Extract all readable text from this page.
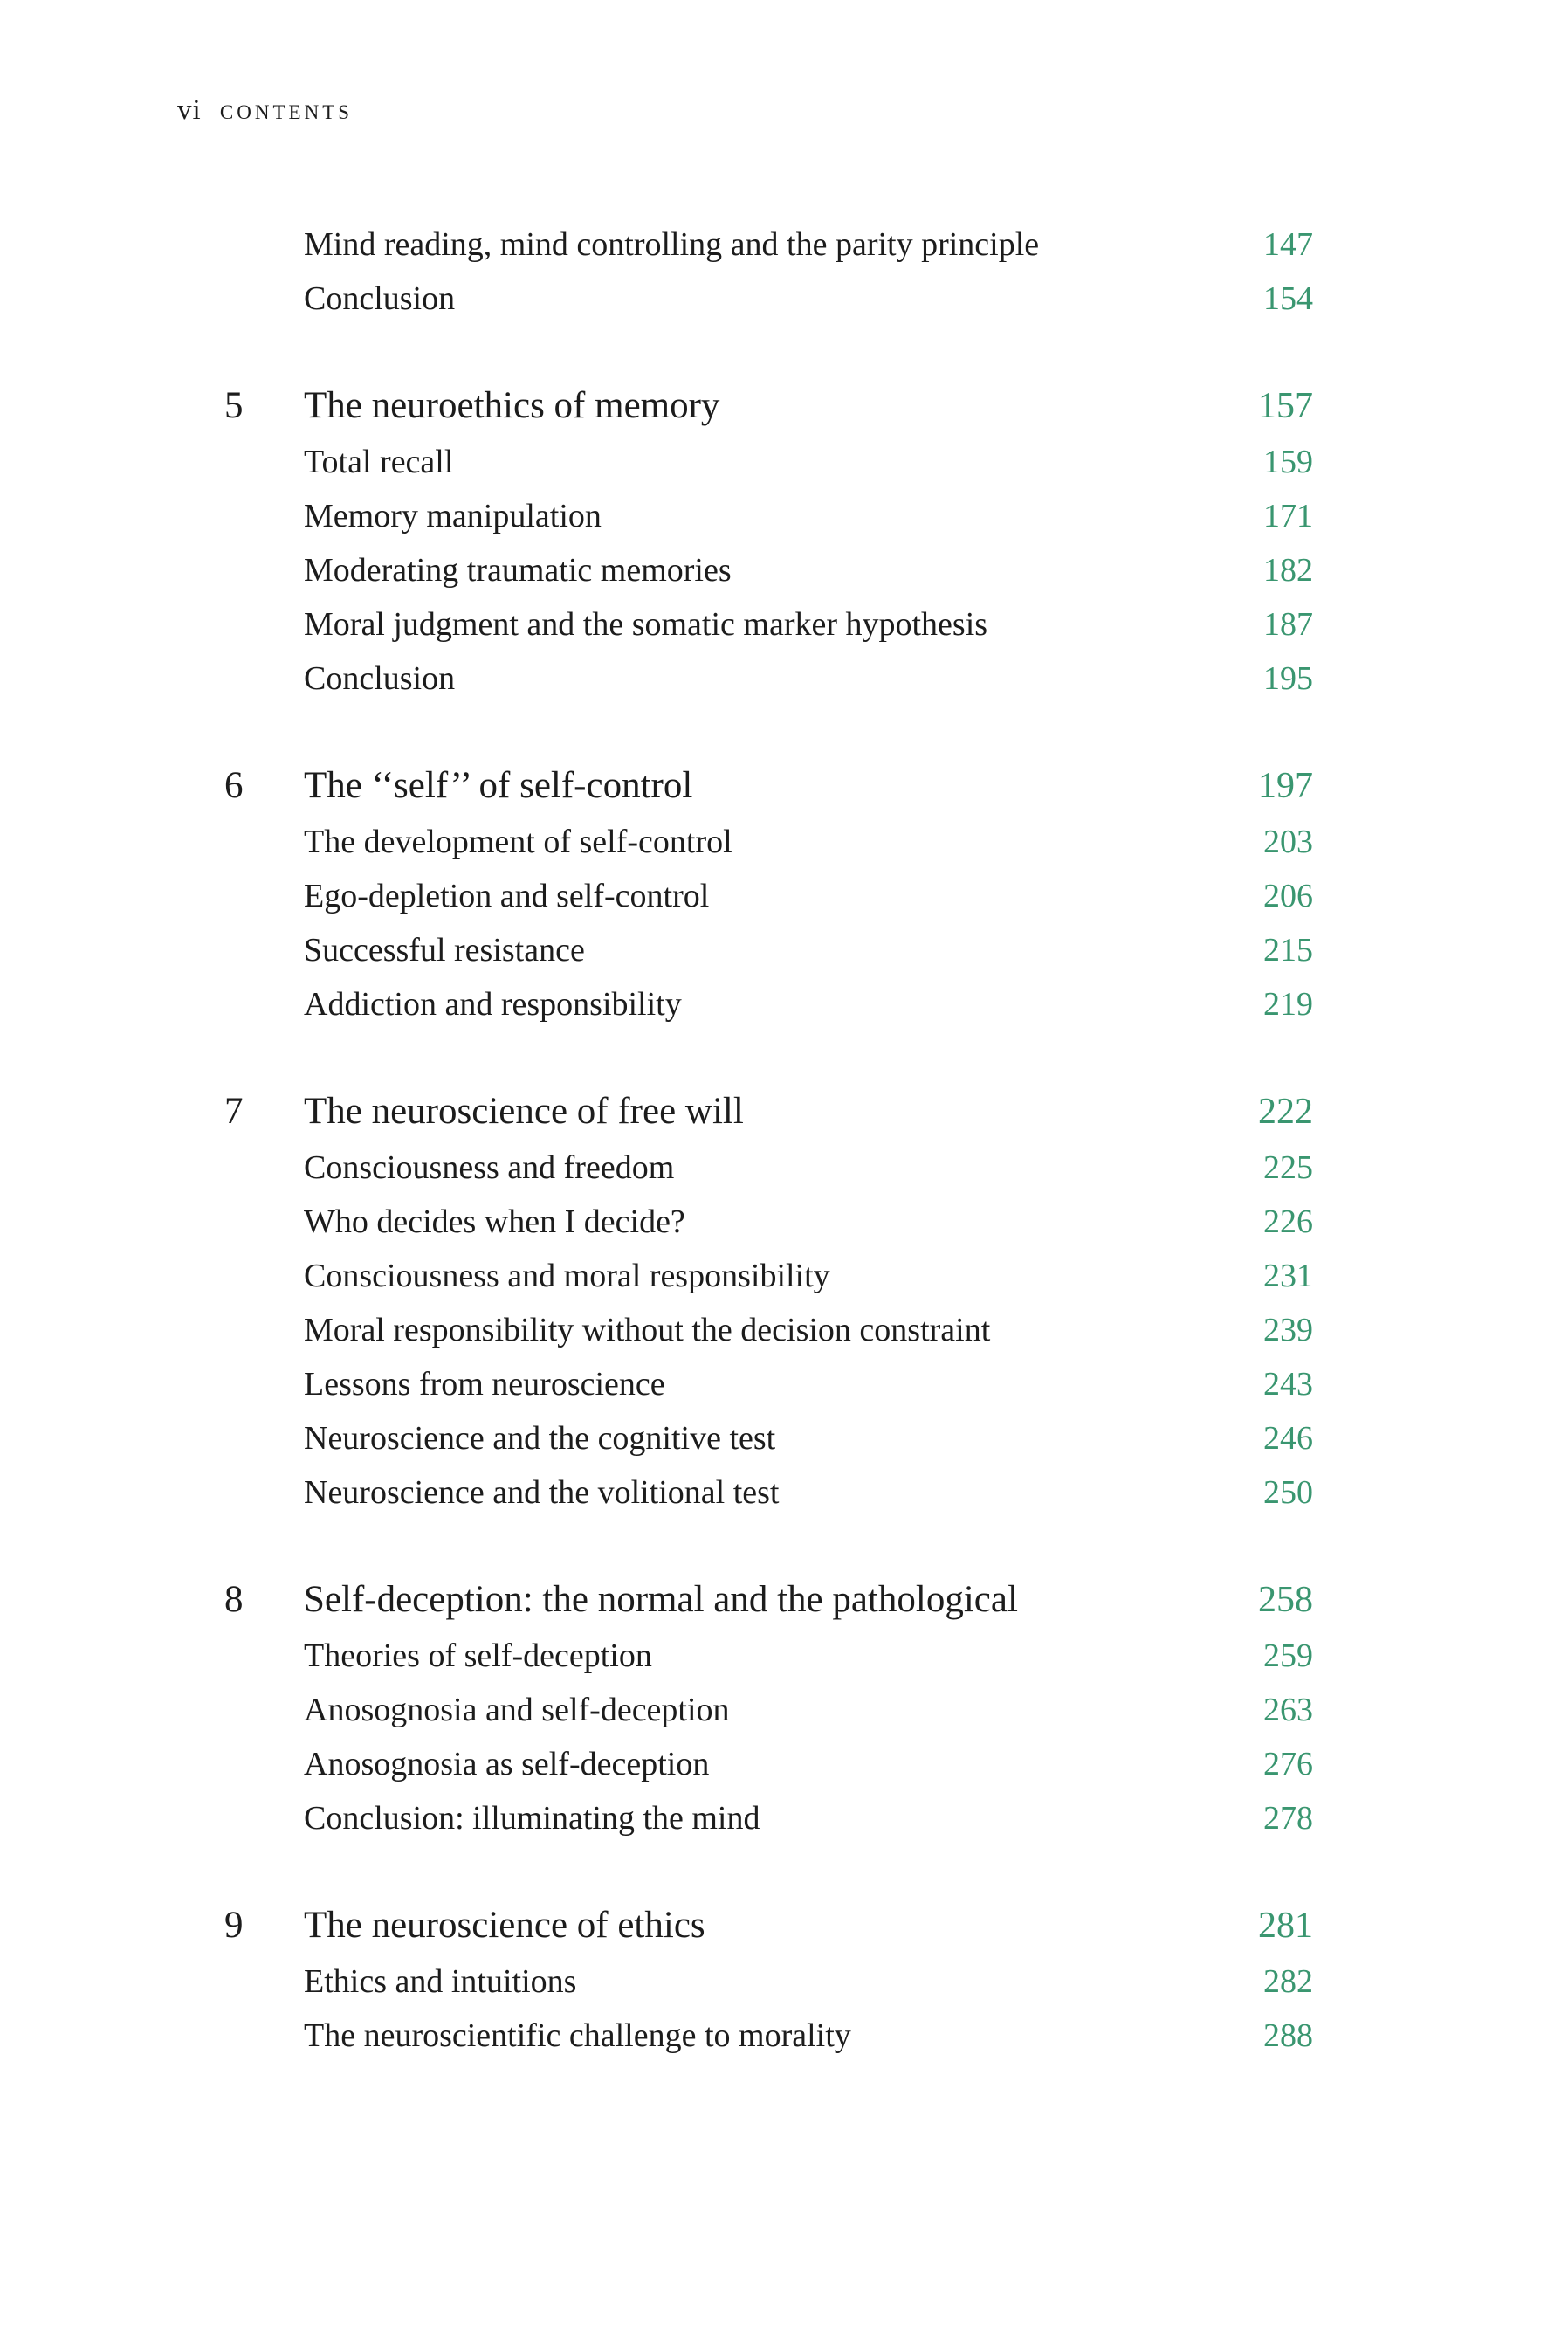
vi contents
Mind reading, mind controlling and the parity principle	147
Conclusion	154
5 The neuroethics of memory	157
Total recall	159
Memory manipulation	171
Moderating traumatic memories	182
Moral judgment and the somatic marker hypothesis	187
Conclusion	195
6 The ‘‘self’’ of self-control	197
The development of self-control	203
Ego-depletion and self-control	206
Successful resistance	215
Addiction and responsibility	219
7 The neuroscience of free will	222
Consciousness and freedom	225
Who decides when I decide?	226
Consciousness and moral responsibility	231
Moral responsibility without the decision constraint	239
Lessons from neuroscience	243
Neuroscience and the cognitive test	246
Neuroscience and the volitional test	250
8 Self-deception: the normal and the pathological	258
Theories of self-deception	259
Anosognosia and self-deception	263
Anosognosia as self-deception	276
Conclusion: illuminating the mind	278
9 The neuroscience of ethics	281
Ethics and intuitions	282
The neuroscientific challenge to morality	288
